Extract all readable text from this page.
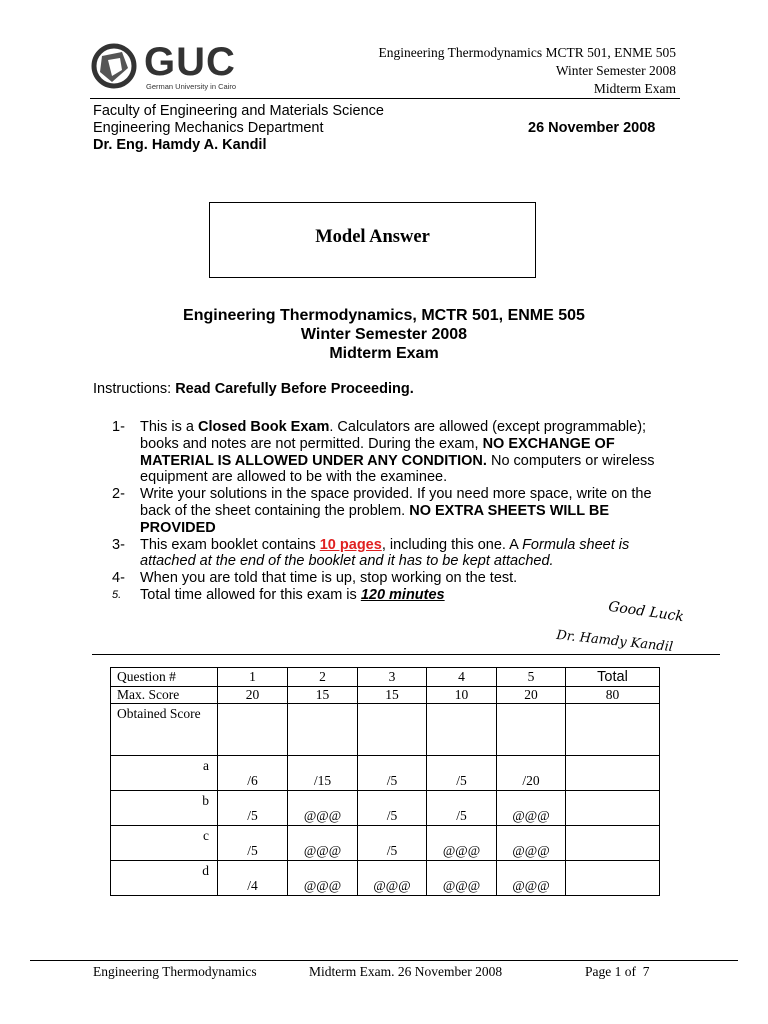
GUC
German University in Cairo
Engineering Thermodynamics MCTR 501, ENME 505
Winter Semester 2008
Midterm Exam
Faculty of Engineering and Materials Science
Engineering Mechanics Department
Dr. Eng. Hamdy A. Kandil
26 November 2008
Model Answer
Engineering Thermodynamics, MCTR 501, ENME 505
Winter Semester 2008
Midterm Exam
Instructions: Read Carefully Before Proceeding.
1-	This is a Closed Book Exam. Calculators are allowed (except programmable); books and notes are not permitted. During the exam, NO EXCHANGE OF MATERIAL IS ALLOWED UNDER ANY CONDITION. No computers or wireless equipment are allowed to be with the examinee.
2-	Write your solutions in the space provided. If you need more space, write on the back of the sheet containing the problem. NO EXTRA SHEETS WILL BE PROVIDED
3-	This exam booklet contains 10 pages, including this one. A Formula sheet is attached at the end of the booklet and it has to be kept attached.
4-	When you are told that time is up, stop working on the test.
5.	Total time allowed for this exam is 120 minutes
Good Luck
Dr. Hamdy Kandil
Question #	1	2	3	4	5	Total
Max. Score	20	15	15	10	20	80
Obtained Score						

a	/6	/15	/5	/5	/20	

b	/5	@@@	/5	/5	@@@	

c	/5	@@@	/5	@@@	@@@	

d	/4	@@@	@@@	@@@	@@@	

Engineering Thermodynamics	Midterm Exam. 26 November 2008	Page 1 of  7
